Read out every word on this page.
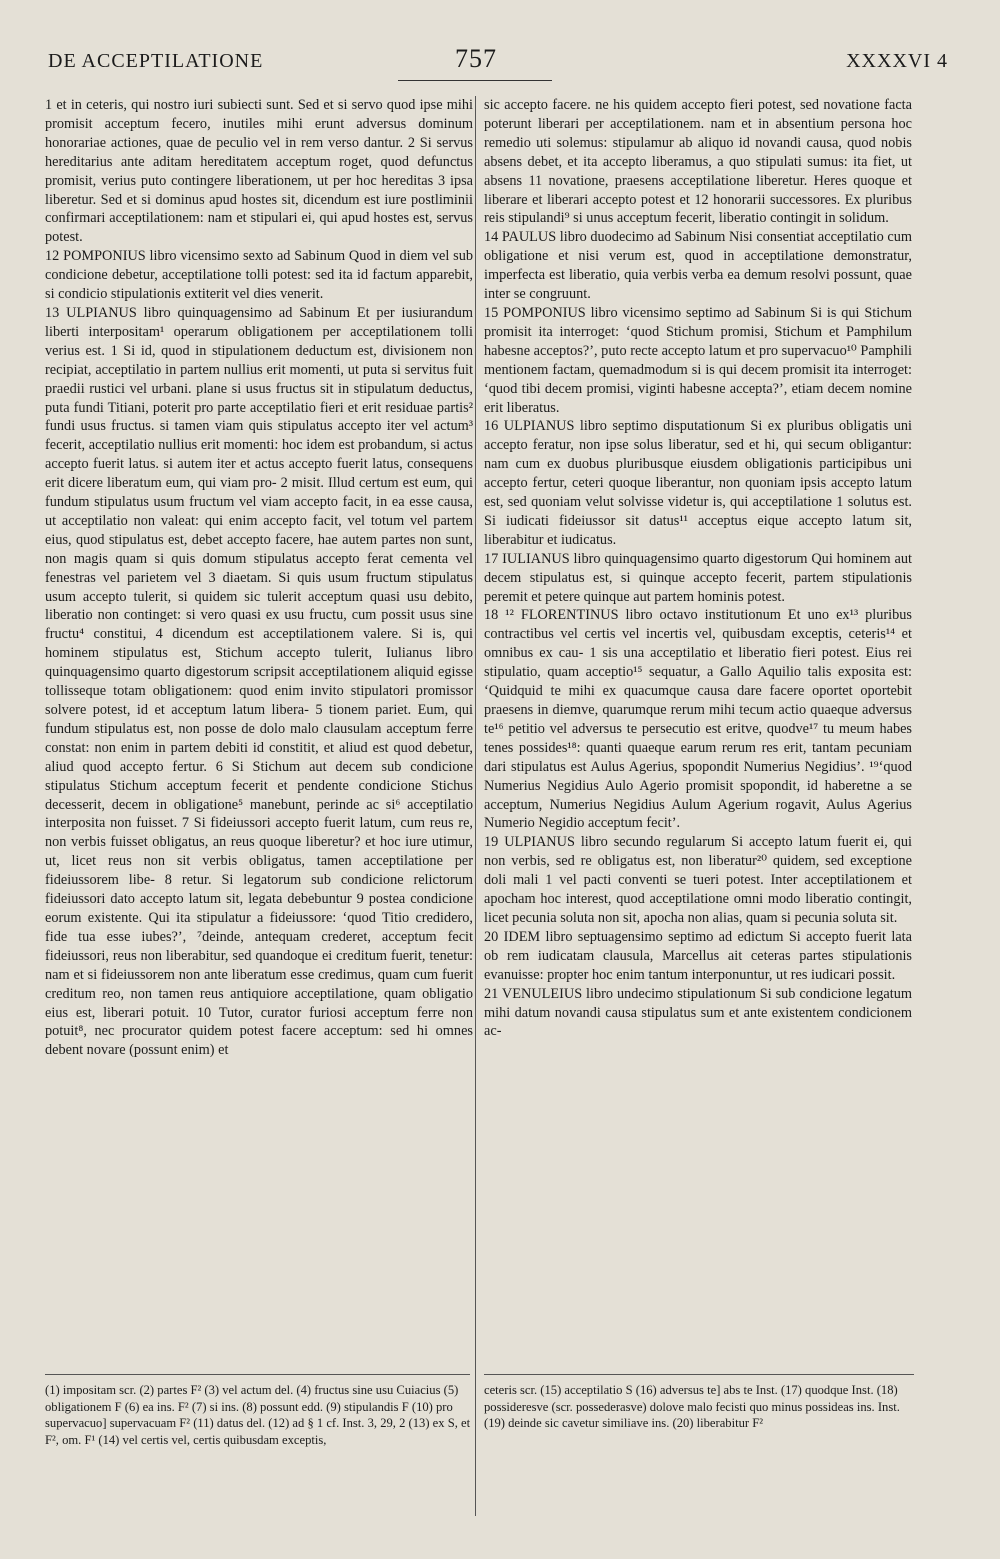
DE ACCEPTILATIONE	757	XXXXVI 4

1 et in ceteris, qui nostro iuri subiecti sunt. Sed et si servo quod ipse mihi promisit acceptum fecero, inutiles mihi erunt adversus dominum honorariae actiones, quae de peculio vel in rem verso dantur. 2 Si servus hereditarius ante aditam hereditatem acceptum roget, quod defunctus promisit, verius puto contingere liberationem, ut per hoc hereditas 3 ipsa liberetur. Sed et si dominus apud hostes sit, dicendum est iure postliminii confirmari acceptilationem: nam et stipulari ei, qui apud hostes est, servus potest.

12 POMPONIUS libro vicensimo sexto ad Sabinum Quod in diem vel sub condicione debetur, acceptilatione tolli potest: sed ita id factum apparebit, si condicio stipulationis extiterit vel dies venerit.

13 ULPIANUS libro quinquagensimo ad Sabinum Et per iusiurandum liberti interpositam¹ operarum obligationem per acceptilationem tolli verius est. 1 Si id, quod in stipulationem deductum est, divisionem non recipiat, acceptilatio in partem nullius erit momenti, ut puta si servitus fuit praedii rustici vel urbani. plane si usus fructus sit in stipulatum deductus, puta fundi Titiani, poterit pro parte acceptilatio fieri et erit residuae partis² fundi usus fructus. si tamen viam quis stipulatus accepto iter vel actum³ fecerit, acceptilatio nullius erit momenti: hoc idem est probandum, si actus accepto fuerit latus. si autem iter et actus accepto fuerit latus, consequens erit dicere liberatum eum, qui viam pro- 2 misit. Illud certum est eum, qui fundum stipulatus usum fructum vel viam accepto facit, in ea esse causa, ut acceptilatio non valeat: qui enim accepto facit, vel totum vel partem eius, quod stipulatus est, debet accepto facere, hae autem partes non sunt, non magis quam si quis domum stipulatus accepto ferat cementa vel fenestras vel parietem vel 3 diaetam. Si quis usum fructum stipulatus usum accepto tulerit, si quidem sic tulerit acceptum quasi usu debito, liberatio non continget: si vero quasi ex usu fructu, cum possit usus sine fructu⁴ constitui, 4 dicendum est acceptilationem valere. Si is, qui hominem stipulatus est, Stichum accepto tulerit, Iulianus libro quinquagensimo quarto digestorum scripsit acceptilationem aliquid egisse tollisseque totam obligationem: quod enim invito stipulatori promissor solvere potest, id et acceptum latum libera- 5 tionem pariet. Eum, qui fundum stipulatus est, non posse de dolo malo clausulam acceptum ferre constat: non enim in partem debiti id constitit, et aliud est quod debetur, aliud quod accepto fertur. 6 Si Stichum aut decem sub condicione stipulatus Stichum acceptum fecerit et pendente condicione Stichus decesserit, decem in obligatione⁵ manebunt, perinde ac si⁶ acceptilatio interposita non fuisset. 7 Si fideiussori accepto fuerit latum, cum reus re, non verbis fuisset obligatus, an reus quoque liberetur? et hoc iure utimur, ut, licet reus non sit verbis obligatus, tamen acceptilatione per fideiussorem libe- 8 retur. Si legatorum sub condicione relictorum fideiussori dato accepto latum sit, legata debebuntur 9 postea condicione eorum existente. Qui ita stipulatur a fideiussore: ‘quod Titio credidero, fide tua esse iubes?’, ⁷deinde, antequam crederet, acceptum fecit fideiussori, reus non liberabitur, sed quandoque ei creditum fuerit, tenetur: nam et si fideiussorem non ante liberatum esse credimus, quam cum fuerit creditum reo, non tamen reus antiquiore acceptilatione, quam obligatio eius est, liberari potuit. 10 Tutor, curator furiosi acceptum ferre non potuit⁸, nec procurator quidem potest facere acceptum: sed hi omnes debent novare (possunt enim) et

sic accepto facere. ne his quidem accepto fieri potest, sed novatione facta poterunt liberari per acceptilationem. nam et in absentium persona hoc remedio uti solemus: stipulamur ab aliquo id novandi causa, quod nobis absens debet, et ita accepto liberamus, a quo stipulati sumus: ita fiet, ut absens 11 novatione, praesens acceptilatione liberetur. Heres quoque et liberare et liberari accepto potest et 12 honorarii successores. Ex pluribus reis stipulandi⁹ si unus acceptum fecerit, liberatio contingit in solidum.

14 PAULUS libro duodecimo ad Sabinum Nisi consentiat acceptilatio cum obligatione et nisi verum est, quod in acceptilatione demonstratur, imperfecta est liberatio, quia verbis verba ea demum resolvi possunt, quae inter se congruunt.

15 POMPONIUS libro vicensimo septimo ad Sabinum Si is qui Stichum promisit ita interroget: ‘quod Stichum promisi, Stichum et Pamphilum habesne acceptos?’, puto recte accepto latum et pro supervacuo¹⁰ Pamphili mentionem factam, quemadmodum si is qui decem promisit ita interroget: ‘quod tibi decem promisi, viginti habesne accepta?’, etiam decem nomine erit liberatus.

16 ULPIANUS libro septimo disputationum Si ex pluribus obligatis uni accepto feratur, non ipse solus liberatur, sed et hi, qui secum obligantur: nam cum ex duobus pluribusque eiusdem obligationis participibus uni accepto fertur, ceteri quoque liberantur, non quoniam ipsis accepto latum est, sed quoniam velut solvisse videtur is, qui acceptilatione 1 solutus est. Si iudicati fideiussor sit datus¹¹ acceptus eique accepto latum sit, liberabitur et iudicatus.

17 IULIANUS libro quinquagensimo quarto digestorum Qui hominem aut decem stipulatus est, si quinque accepto fecerit, partem stipulationis peremit et petere quinque aut partem hominis potest.

18 ¹² FLORENTINUS libro octavo institutionum Et uno ex¹³ pluribus contractibus vel certis vel incertis vel, quibusdam exceptis, ceteris¹⁴ et omnibus ex cau- 1 sis una acceptilatio et liberatio fieri potest. Eius rei stipulatio, quam acceptio¹⁵ sequatur, a Gallo Aquilio talis exposita est: ‘Quidquid te mihi ex quacumque causa dare facere oportet oportebit praesens in diemve, quarumque rerum mihi tecum actio quaeque adversus te¹⁶ petitio vel adversus te persecutio est eritve, quodve¹⁷ tu meum habes tenes possides¹⁸: quanti quaeque earum rerum res erit, tantam pecuniam dari stipulatus est Aulus Agerius, spopondit Numerius Negidius’. ¹⁹‘quod Numerius Negidius Aulo Agerio promisit spopondit, id haberetne a se acceptum, Numerius Negidius Aulum Agerium rogavit, Aulus Agerius Numerio Negidio acceptum fecit’.

19 ULPIANUS libro secundo regularum Si accepto latum fuerit ei, qui non verbis, sed re obligatus est, non liberatur²⁰ quidem, sed exceptione doli mali 1 vel pacti conventi se tueri potest. Inter acceptilationem et apocham hoc interest, quod acceptilatione omni modo liberatio contingit, licet pecunia soluta non sit, apocha non alias, quam si pecunia soluta sit.

20 IDEM libro septuagensimo septimo ad edictum Si accepto fuerit lata ob rem iudicatam clausula, Marcellus ait ceteras partes stipulationis evanuisse: propter hoc enim tantum interponuntur, ut res iudicari possit.

21 VENULEIUS libro undecimo stipulationum Si sub condicione legatum mihi datum novandi causa stipulatus sum et ante existentem condicionem ac-

(1) impositam scr. (2) partes F² (3) vel actum del. (4) fructus sine usu Cuiacius (5) obligationem F (6) ea ins. F² (7) si ins. (8) possunt edd. (9) stipulandis F (10) pro supervacuo] supervacuam F² (11) datus del. (12) ad § 1 cf. Inst. 3, 29, 2 (13) ex S, et F², om. F¹ (14) vel certis vel, certis quibusdam exceptis,

ceteris scr. (15) acceptilatio S (16) adversus te] abs te Inst. (17) quodque Inst. (18) possideresve (scr. possederasve) dolove malo fecisti quo minus possideas ins. Inst. (19) deinde sic cavetur similiave ins. (20) liberabitur F²
